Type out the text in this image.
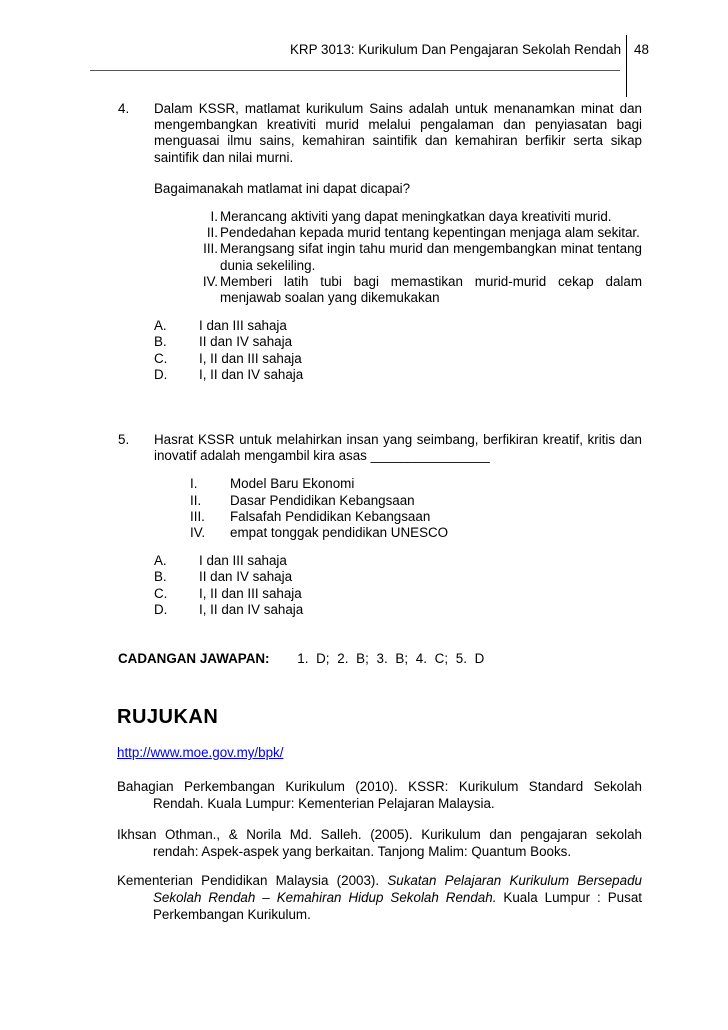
KRP 3013: Kurikulum Dan Pengajaran Sekolah Rendah 48
4. Dalam KSSR, matlamat kurikulum Sains adalah untuk menanamkan minat dan mengembangkan kreativiti murid melalui pengalaman dan penyiasatan bagi menguasai ilmu sains, kemahiran saintifik dan kemahiran berfikir serta sikap saintifik dan nilai murni.
Bagaimanakah matlamat ini dapat dicapai?
I. Merancang aktiviti yang dapat meningkatkan daya kreativiti murid.
II. Pendedahan kepada murid tentang kepentingan menjaga alam sekitar.
III. Merangsang sifat ingin tahu murid dan mengembangkan minat tentang dunia sekeliling.
IV. Memberi latih tubi bagi memastikan murid-murid cekap dalam menjawab soalan yang dikemukakan
A. I dan III sahaja
B. II dan IV sahaja
C. I, II dan III sahaja
D. I, II dan IV sahaja
5. Hasrat KSSR untuk melahirkan insan yang seimbang, berfikiran kreatif, kritis dan inovatif adalah mengambil kira asas ________________
I.	Model Baru Ekonomi
II.	Dasar Pendidikan Kebangsaan
III.	Falsafah Pendidikan Kebangsaan
IV.	empat tonggak pendidikan UNESCO
A. I dan III sahaja
B. II dan IV sahaja
C. I, II dan III sahaja
D. I, II dan IV sahaja
CADANGAN JAWAPAN: 1. D; 2. B; 3. B; 4. C; 5. D
RUJUKAN
http://www.moe.gov.my/bpk/
Bahagian Perkembangan Kurikulum (2010). KSSR: Kurikulum Standard Sekolah Rendah. Kuala Lumpur: Kementerian Pelajaran Malaysia.
Ikhsan Othman., & Norila Md. Salleh. (2005). Kurikulum dan pengajaran sekolah rendah: Aspek-aspek yang berkaitan. Tanjong Malim: Quantum Books.
Kementerian Pendidikan Malaysia (2003). Sukatan Pelajaran Kurikulum Bersepadu Sekolah Rendah – Kemahiran Hidup Sekolah Rendah. Kuala Lumpur : Pusat Perkembangan Kurikulum.
